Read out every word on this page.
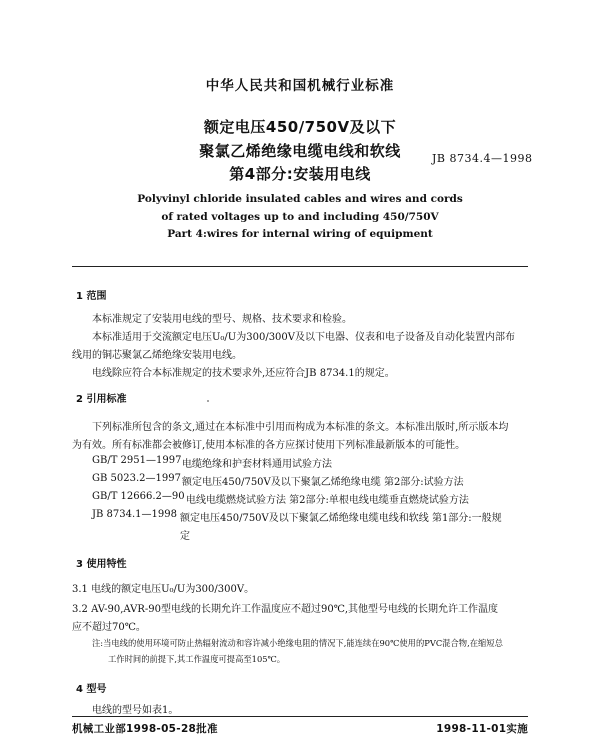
中华人民共和国机械行业标准
额定电压450/750V及以下
聚氯乙烯绝缘电缆电线和软线
第4部分:安装用电线
JB 8734.4—1998
Polyvinyl chloride insulated cables and wires and cords
of rated voltages up to and including 450/750V
Part 4:wires for internal wiring of equipment
1 范围
本标准规定了安装用电线的型号、规格、技术要求和检验。
本标准适用于交流额定电压U₀/U为300/300V及以下电器、仪表和电子设备及自动化装置内部布
线用的铜芯聚氯乙烯绝缘安装用电线。
电线除应符合本标准规定的技术要求外,还应符合JB 8734.1的规定。
2 引用标准
下列标准所包含的条文,通过在本标准中引用而构成为本标准的条文。本标准出版时,所示版本均
为有效。所有标准都会被修订,使用本标准的各方应探讨使用下列标准最新版本的可能性。
GB/T 2951—1997 电缆绝缘和护套材料通用试验方法
GB 5023.2—1997 额定电压450/750V及以下聚氯乙烯绝缘电缆 第2部分:试验方法
GB/T 12666.2—90 电线电缆燃烧试验方法 第2部分:单根电线电缆垂直燃烧试验方法
JB 8734.1—1998 额定电压450/750V及以下聚氯乙烯绝缘电缆电线和软线 第1部分:一般规
定
3 使用特性
3.1 电线的额定电压U₀/U为300/300V。
3.2 AV-90,AVR-90型电线的长期允许工作温度应不超过90℃,其他型号电线的长期允许工作温度
应不超过70℃。
注:当电线的使用环境可防止热辐射流动和容许减小绝缘电阻的情况下,能连续在90℃使用的PVC混合物,在缩短总
工作时间的前提下,其工作温度可提高至105℃。
4 型号
电线的型号如表1。
机械工业部1998-05-28批准	1998-11-01实施
